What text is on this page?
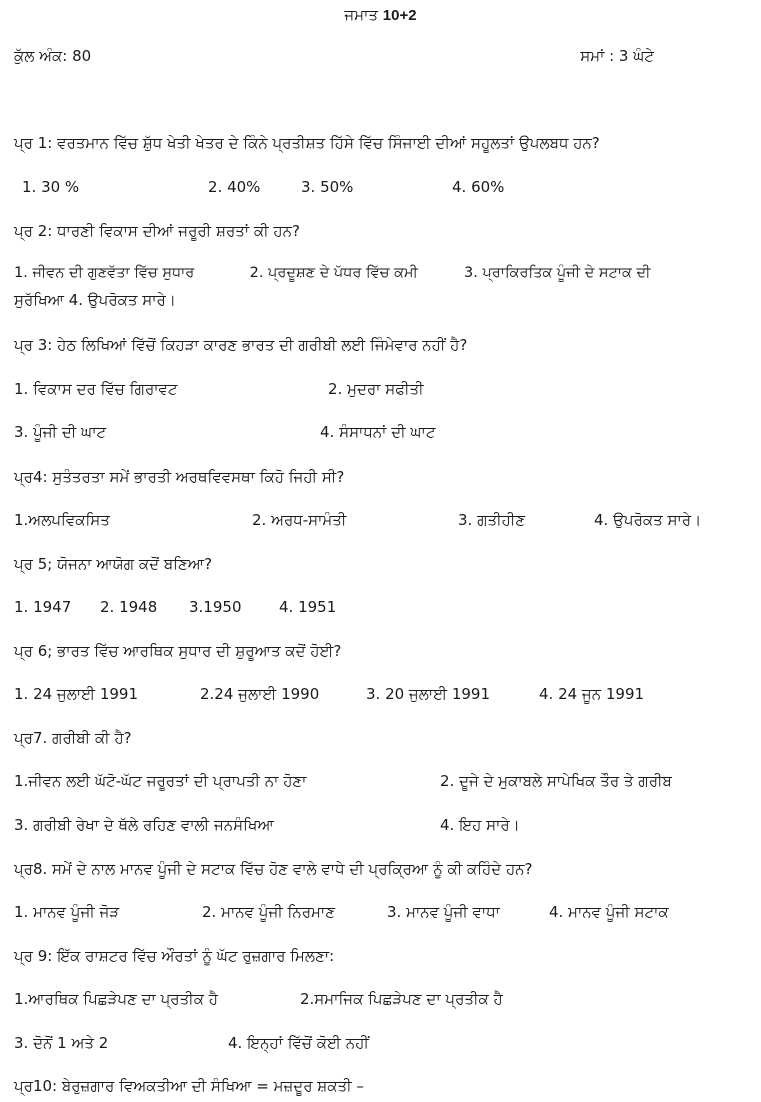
ਜਮਾਤ 10+2
ਕੁੱਲ ਅੰਕ: 80	ਸਮਾਂ : 3 ਘੰਟੇ
ਪ੍ਰ 1: ਵਰਤਮਾਨ ਵਿੱਚ ਸ਼ੁੱਧ ਖੇਤੀ ਖੇਤਰ ਦੇ ਕਿੰਨੇ ਪ੍ਰਤੀਸ਼ਤ ਹਿੱਸੇ ਵਿੱਚ ਸਿੰਜਾਈ ਦੀਆਂ ਸਹੂਲਤਾਂ ਉਪਲਬਧ ਹਨ?
1. 30 %	2. 40%	3. 50%	4. 60%
ਪ੍ਰ 2: ਧਾਰਣੀ ਵਿਕਾਸ ਦੀਆਂ ਜਰੂਰੀ ਸ਼ਰਤਾਂ ਕੀ ਹਨ?
1. ਜੀਵਨ ਦੀ ਗੁਣਵੱਤਾ ਵਿੱਚ ਸੁਧਾਰ            2. ਪ੍ਰਦੂਸ਼ਣ ਦੇ ਪੱਧਰ ਵਿੱਚ ਕਮੀ          3. ਪ੍ਰਾਕਿਰਤਿਕ ਪੂੰਜੀ ਦੇ ਸਟਾਕ ਦੀ
ਸੁਰੱਖਿਆ 4. ਉਪਰੋਕਤ ਸਾਰੇ।
ਪ੍ਰ 3: ਹੇਠ ਲਿਖਿਆਂ ਵਿੱਚੋਂ ਕਿਹੜਾ ਕਾਰਣ ਭਾਰਤ ਦੀ ਗਰੀਬੀ ਲਈ ਜਿੰਮੇਵਾਰ ਨਹੀਂ ਹੈ?
1. ਵਿਕਾਸ ਦਰ ਵਿੱਚ ਗਿਰਾਵਟ	2. ਮੁਦਰਾ ਸਫੀਤੀ
3. ਪੂੰਜੀ ਦੀ ਘਾਟ	4. ਸੰਸਾਧਨਾਂ ਦੀ ਘਾਟ
ਪ੍ਰ4: ਸੁਤੰਤਰਤਾ ਸਮੇਂ ਭਾਰਤੀ ਅਰਥਵਿਵਸਥਾ ਕਿਹੋ ਜਿਹੀ ਸੀ?
1.ਅਲਪਵਿਕਸਿਤ	2. ਅਰਧ-ਸਾਮੰਤੀ	3. ਗਤੀਹੀਣ	4. ਉਪਰੋਕਤ ਸਾਰੇ।
ਪ੍ਰ 5; ਯੋਜਨਾ ਆਯੋਗ ਕਦੋਂ ਬਣਿਆ?
1. 1947 2. 1948 3.1950	4. 1951
ਪ੍ਰ 6; ਭਾਰਤ ਵਿੱਚ ਆਰਥਿਕ ਸੁਧਾਰ ਦੀ ਸ਼ੁਰੂਆਤ ਕਦੋਂ ਹੋਈ?
1. 24 ਜੁਲਾਈ 1991	2.24 ਜੁਲਾਈ 1990	3. 20 ਜੁਲਾਈ 1991	4. 24 ਜੂਨ 1991
ਪ੍ਰ7. ਗਰੀਬੀ ਕੀ ਹੈ?
1.ਜੀਵਨ ਲਈ ਘੱਟੋ-ਘੱਟ ਜਰੂਰਤਾਂ ਦੀ ਪ੍ਰਾਪਤੀ ਨਾ ਹੋਣਾ	2. ਦੂਜੇ ਦੇ ਮੁਕਾਬਲੇ ਸਾਪੇਖਿਕ ਤੌਰ ਤੇ ਗਰੀਬ
3. ਗਰੀਬੀ ਰੇਖਾ ਦੇ ਥੱਲੇ ਰਹਿਣ ਵਾਲੀ ਜਨਸੰਖਿਆ	4. ਇਹ ਸਾਰੇ।
ਪ੍ਰ8. ਸਮੇਂ ਦੇ ਨਾਲ ਮਾਨਵ ਪੂੰਜੀ ਦੇ ਸਟਾਕ ਵਿੱਚ ਹੋਣ ਵਾਲੇ ਵਾਧੇ ਦੀ ਪ੍ਰਕ੍ਰਿਆ ਨੂੰ ਕੀ ਕਹਿੰਦੇ ਹਨ?
1. ਮਾਨਵ ਪੂੰਜੀ ਜੋੜ	2. ਮਾਨਵ ਪੂੰਜੀ ਨਿਰਮਾਣ	3. ਮਾਨਵ ਪੂੰਜੀ ਵਾਧਾ	4. ਮਾਨਵ ਪੂੰਜੀ ਸਟਾਕ
ਪ੍ਰ 9: ਇੱਕ ਰਾਸ਼ਟਰ ਵਿੱਚ ਔਰਤਾਂ ਨੂੰ ਘੱਟ ਰੁਜ਼ਗਾਰ ਮਿਲਣਾ:
1.ਆਰਥਿਕ ਪਿਛੜੇਪਣ ਦਾ ਪ੍ਰਤੀਕ ਹੈ	2.ਸਮਾਜਿਕ ਪਿਛੜੇਪਣ ਦਾ ਪ੍ਰਤੀਕ ਹੈ
3. ਦੋਨੋਂ 1 ਅਤੇ 2	4. ਇਨ੍ਹਾਂ ਵਿੱਚੋਂ ਕੋਈ ਨਹੀਂ
ਪ੍ਰ10: ਬੇਰੁਜ਼ਗਾਰ ਵਿਅਕਤੀਆ ਦੀ ਸੰਖਿਆ = ਮਜ਼ਦੂਰ ਸ਼ਕਤੀ –
